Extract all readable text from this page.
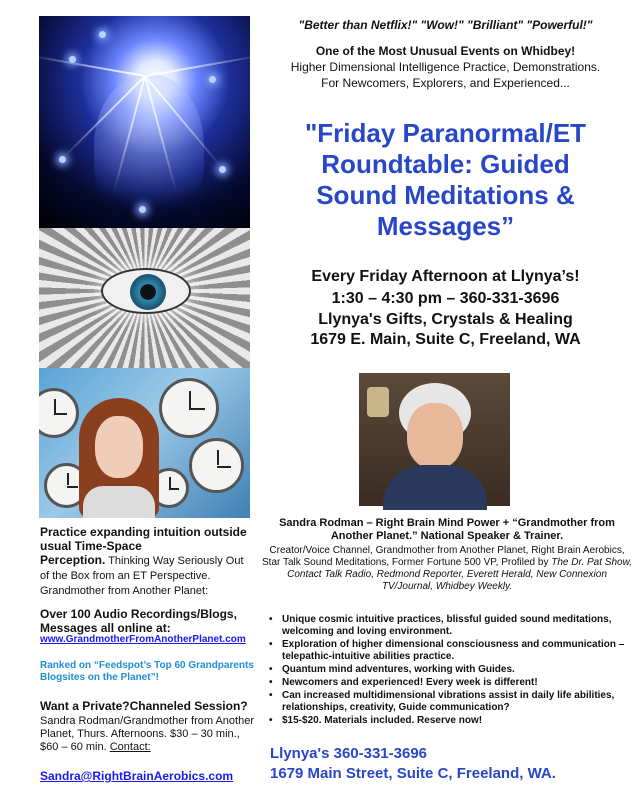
"Better than Netflix!" "Wow!" "Brilliant" "Powerful!"
One of the Most Unusual Events on Whidbey!
Higher Dimensional Intelligence Practice, Demonstrations.
For Newcomers, Explorers, and Experienced...
"Friday Paranormal/ET
Roundtable: Guided
Sound Meditations &
Messages”
Every Friday Afternoon at Llynya’s!
1:30 – 4:30 pm – 360-331-3696
Llynya's Gifts, Crystals & Healing
1679 E. Main, Suite C, Freeland, WA
Sandra Rodman – Right Brain Mind Power + “Grandmother from Another Planet.” National Speaker & Trainer.
Creator/Voice Channel, Grandmother from Another Planet, Right Brain Aerobics, Star Talk Sound Meditations, Former Fortune 500 VP, Profiled by The Dr. Pat Show, Contact Talk Radio, Redmond Reporter, Everett Herald, New Connexion TV/Journal, Whidbey Weekly.
• Unique cosmic intuitive practices, blissful guided sound meditations, welcoming and loving environment.
• Exploration of higher dimensional consciousness and communication – telepathic-intuitive abilities practice.
• Quantum mind adventures, working with Guides.
• Newcomers and experienced! Every week is different!
• Can increased multidimensional vibrations assist in daily life abilities, relationships, creativity, Guide communication?
• $15-$20. Materials included. Reserve now!
Llynya's 360-331-3696
1679 Main Street, Suite C, Freeland, WA.
Practice expanding intuition outside usual Time-Space
Perception. Thinking Way Seriously Out of the Box from an ET Perspective. Grandmother from Another Planet:
Over 100 Audio Recordings/Blogs, Messages all online at:
www.GrandmotherFromAnotherPlanet.com
Ranked on “Feedspot’s Top 60 Grandparents Blogsites on the Planet”!
Want a Private?Channeled Session?
Sandra Rodman/Grandmother from Another Planet, Thurs. Afternoons. $30 – 30 min., $60 – 60 min. Contact:
Sandra@RightBrainAerobics.com
